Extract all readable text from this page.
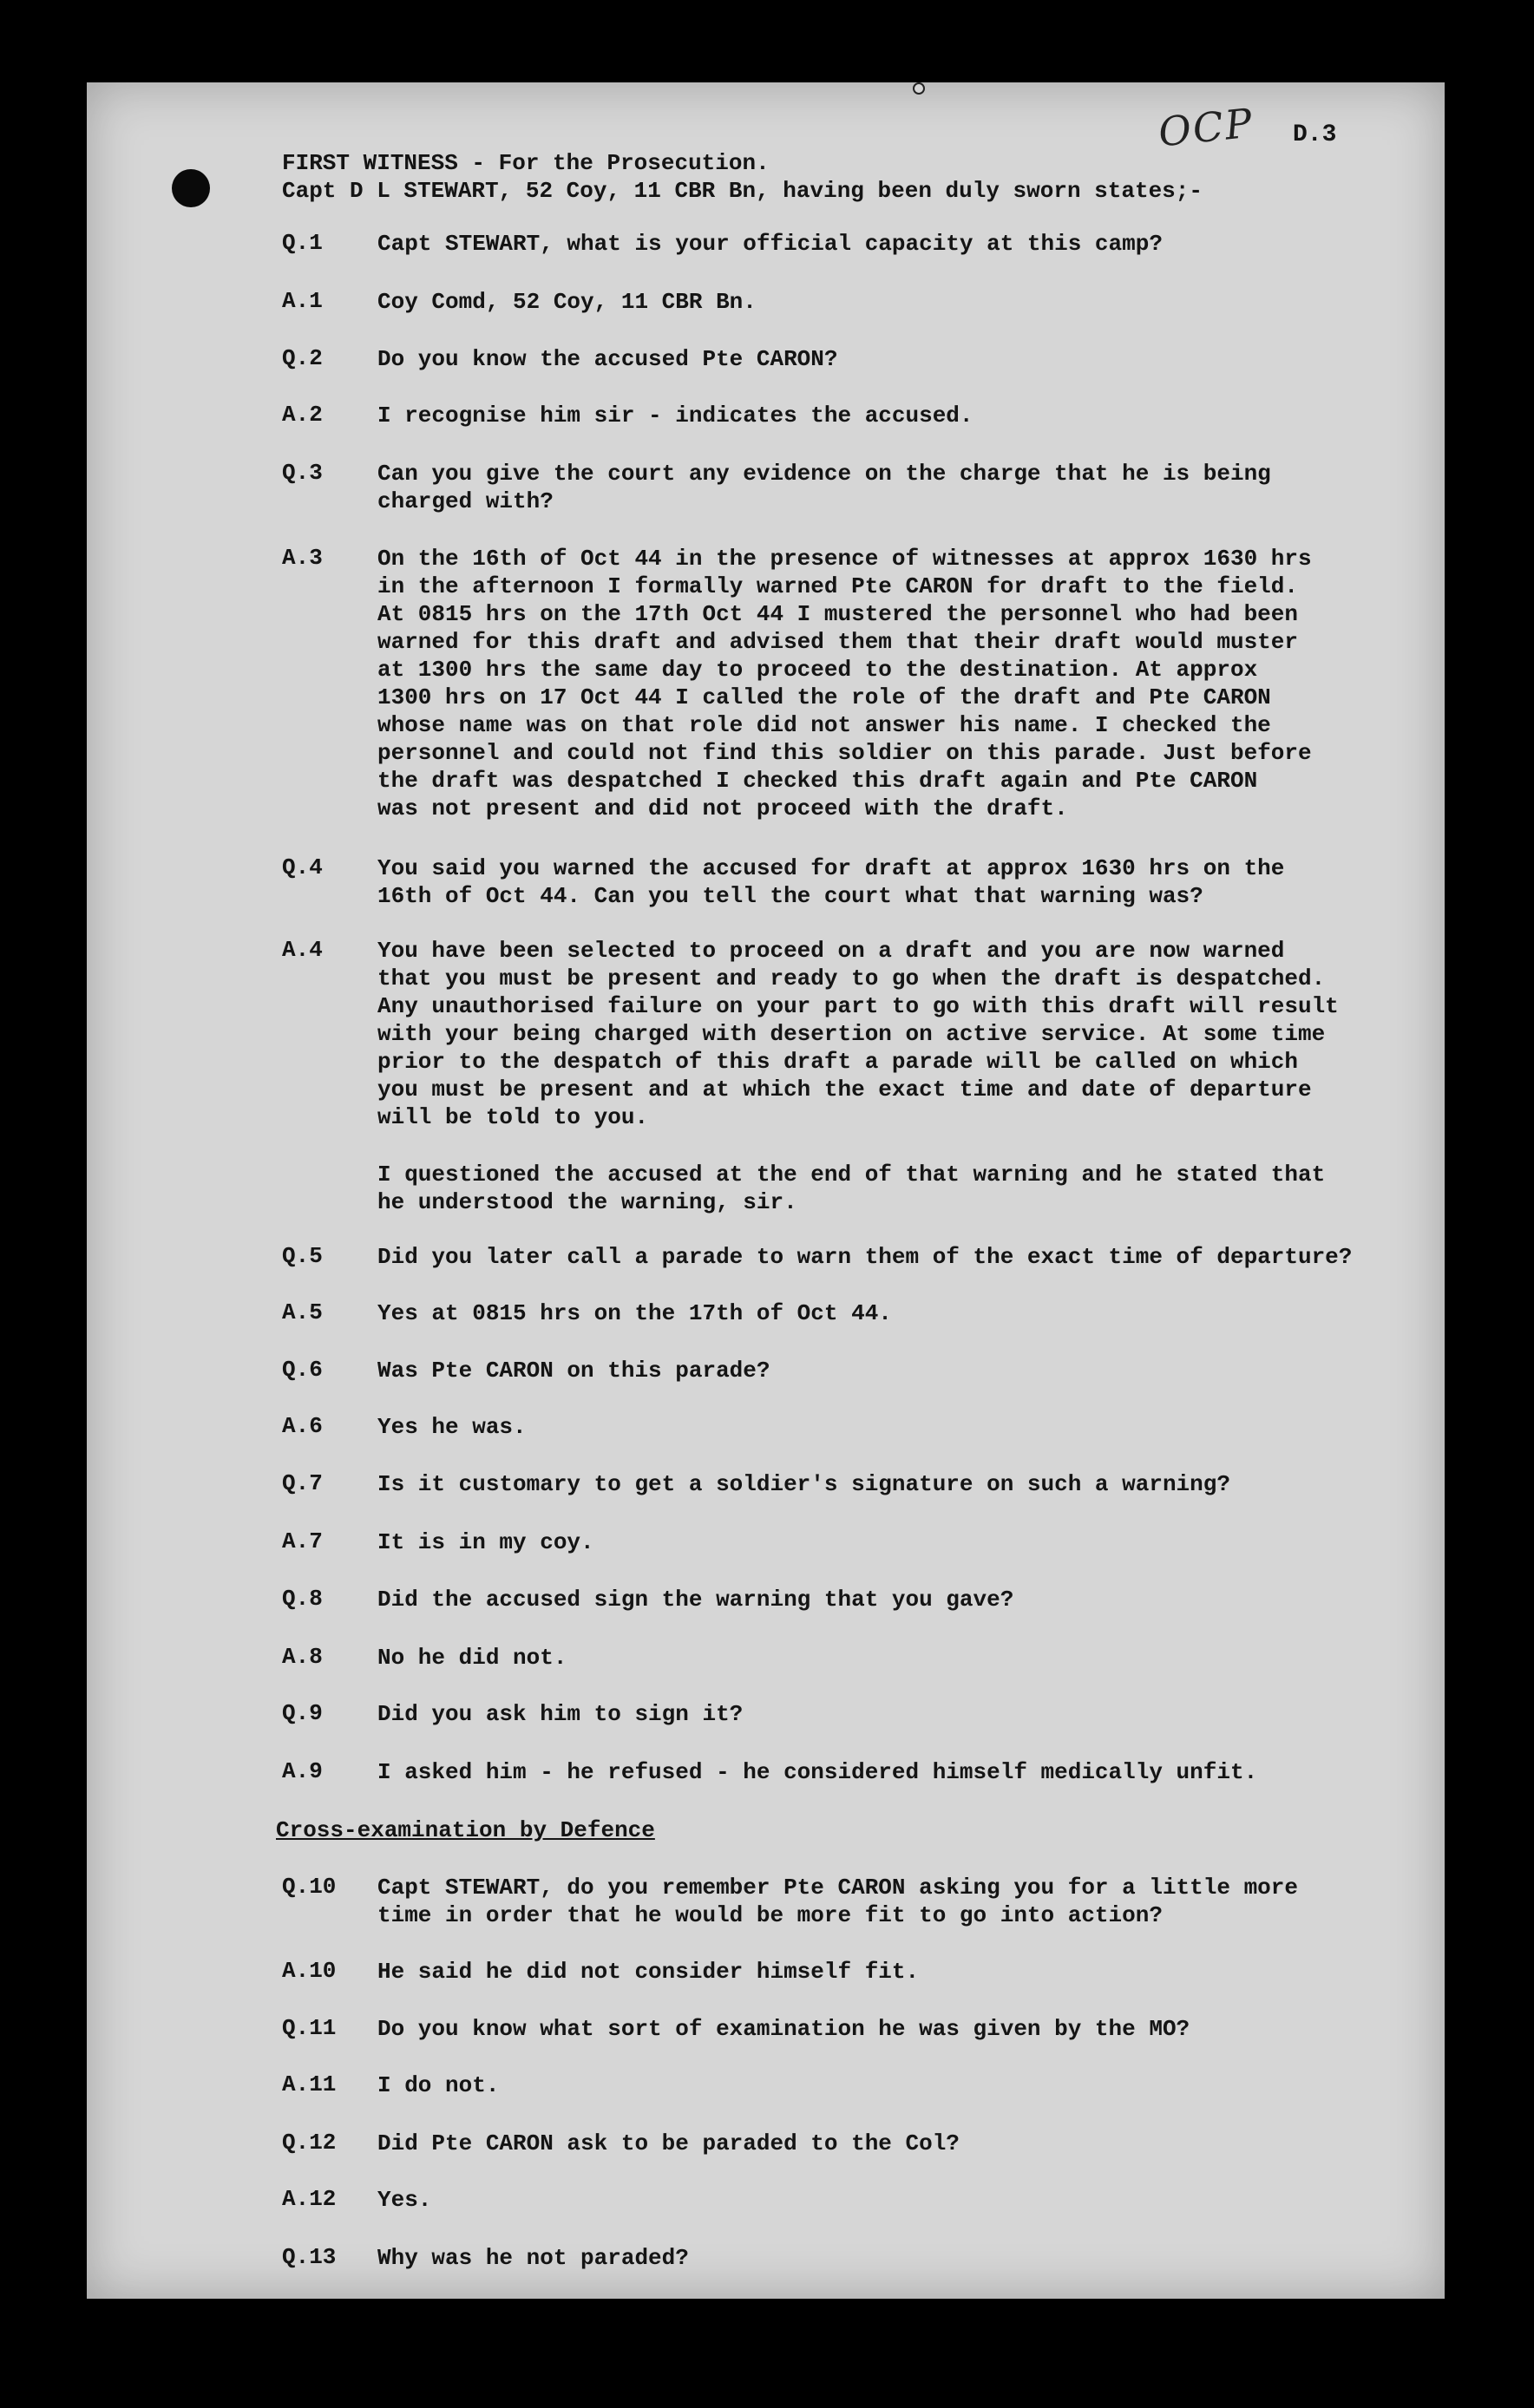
OCP D.3
FIRST WITNESS - For the Prosecution.
Capt D L STEWART, 52 Coy, 11 CBR Bn, having been duly sworn states;-
Q.1	Capt STEWART, what is your official capacity at this camp?
A.1	Coy Comd, 52 Coy, 11 CBR Bn.
Q.2	Do you know the accused Pte CARON?
A.2	I recognise him sir - indicates the accused.
Q.3	Can you give the court any evidence on the charge that he is being
charged with?
A.3	On the 16th of Oct 44 in the presence of witnesses at approx 1630 hrs
in the afternoon I formally warned Pte CARON for draft to the field.
At 0815 hrs on the 17th Oct 44 I mustered the personnel who had been
warned for this draft and advised them that their draft would muster
at 1300 hrs the same day to proceed to the destination. At approx
1300 hrs on 17 Oct 44 I called the role of the draft and Pte CARON
whose name was on that role did not answer his name. I checked the
personnel and could not find this soldier on this parade. Just before
the draft was despatched I checked this draft again and Pte CARON
was not present and did not proceed with the draft.
Q.4	You said you warned the accused for draft at approx 1630 hrs on the
16th of Oct 44. Can you tell the court what that warning was?
A.4	You have been selected to proceed on a draft and you are now warned
that you must be present and ready to go when the draft is despatched.
Any unauthorised failure on your part to go with this draft will result
with your being charged with desertion on active service. At some time
prior to the despatch of this draft a parade will be called on which
you must be present and at which the exact time and date of departure
will be told to you.
I questioned the accused at the end of that warning and he stated that
he understood the warning, sir.
Q.5	Did you later call a parade to warn them of the exact time of departure?
A.5	Yes at 0815 hrs on the 17th of Oct 44.
Q.6	Was Pte CARON on this parade?
A.6	Yes he was.
Q.7	Is it customary to get a soldier's signature on such a warning?
A.7	It is in my coy.
Q.8	Did the accused sign the warning that you gave?
A.8	No he did not.
Q.9	Did you ask him to sign it?
A.9	I asked him - he refused - he considered himself medically unfit.
Cross-examination by Defence
Q.10	Capt STEWART, do you remember Pte CARON asking you for a little more
time in order that he would be more fit to go into action?
A.10	He said he did not consider himself fit.
Q.11	Do you know what sort of examination he was given by the MO?
A.11	I do not.
Q.12	Did Pte CARON ask to be paraded to the Col?
A.12	Yes.
Q.13	Why was he not paraded?
